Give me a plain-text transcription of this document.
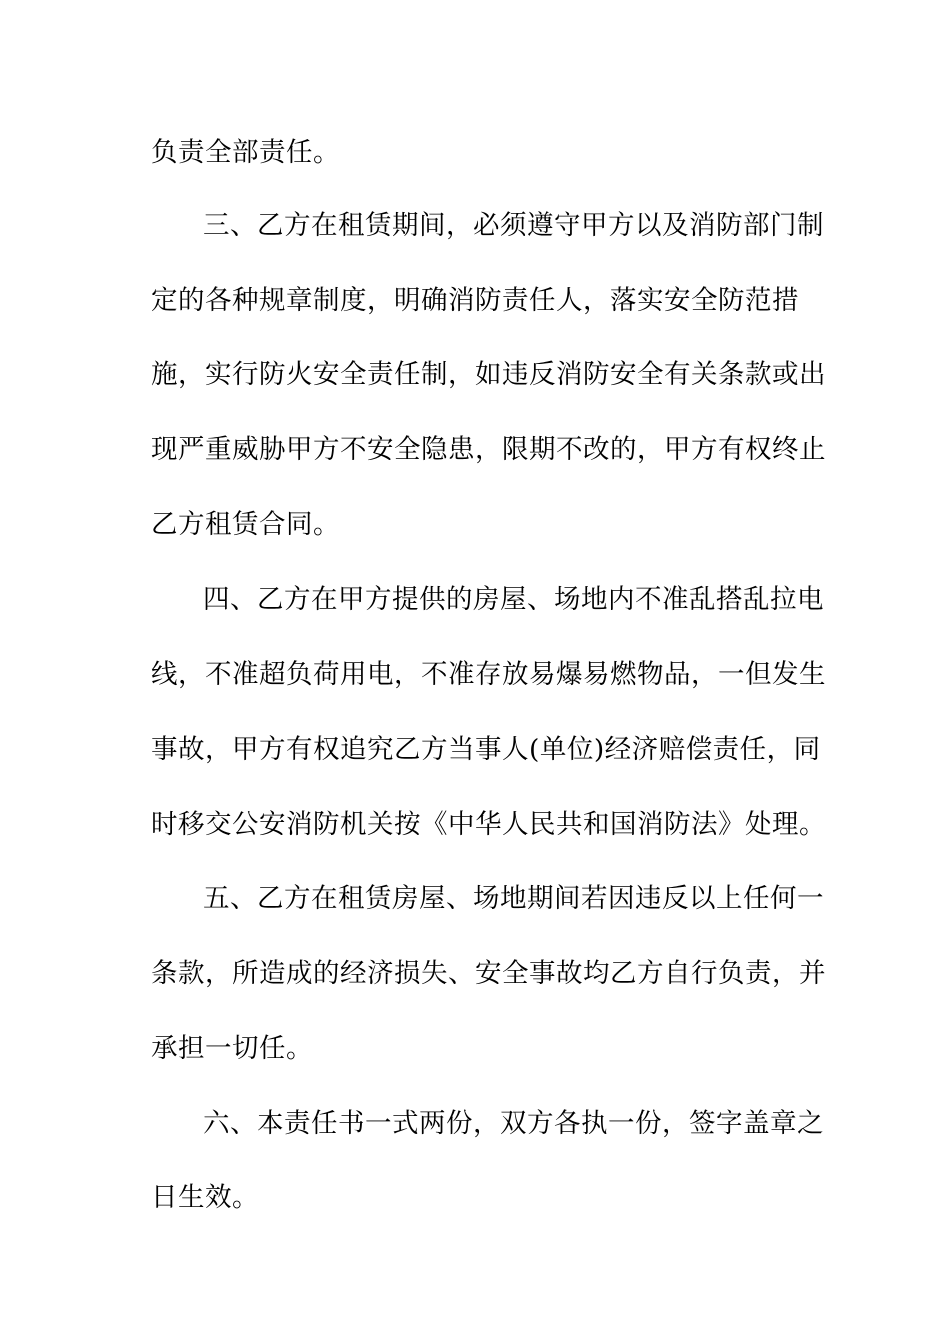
负责全部责任。
三、乙方在租赁期间，必须遵守甲方以及消防部门制
定的各种规章制度，明确消防责任人，落实安全防范措
施，实行防火安全责任制，如违反消防安全有关条款或出
现严重威胁甲方不安全隐患，限期不改的，甲方有权终止
乙方租赁合同。
四、乙方在甲方提供的房屋、场地内不准乱搭乱拉电
线，不准超负荷用电，不准存放易爆易燃物品，一但发生
事故，甲方有权追究乙方当事人(单位)经济赔偿责任，同
时移交公安消防机关按《中华人民共和国消防法》处理。
五、乙方在租赁房屋、场地期间若因违反以上任何一
条款，所造成的经济损失、安全事故均乙方自行负责，并
承担一切任。
六、本责任书一式两份，双方各执一份，签字盖章之
日生效。
